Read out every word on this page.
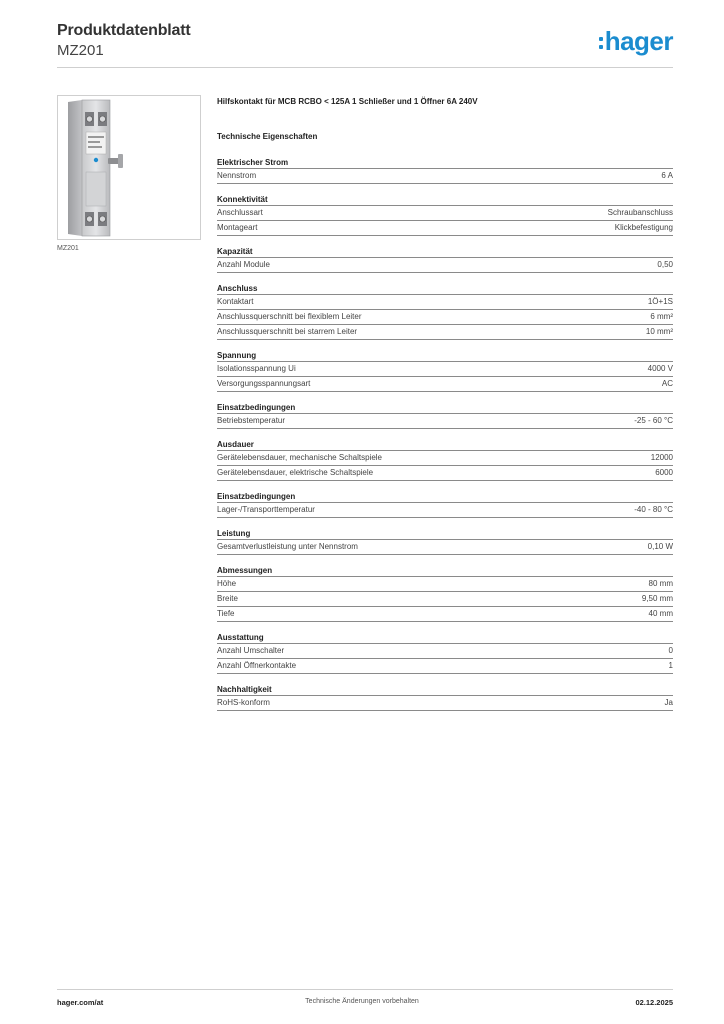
Produktdatenblatt
MZ201	hager
MZ201
Hilfskontakt für MCB RCBO < 125A 1 Schließer und 1 Öffner 6A 240V
Technische Eigenschaften
Elektrischer Strom
Nennstrom	6 A
Konnektivität
Anschlussart	Schraubanschluss
Montageart	Klickbefestigung
Kapazität
Anzahl Module	0,50
Anschluss
Kontaktart	1Ö+1S
Anschlussquerschnitt bei flexiblem Leiter	6 mm²
Anschlussquerschnitt bei starrem Leiter	10 mm²
Spannung
Isolationsspannung Ui	4000 V
Versorgungsspannungsart	AC
Einsatzbedingungen
Betriebstemperatur	-25 - 60 °C
Ausdauer
Gerätelebensdauer, mechanische Schaltspiele	12000
Gerätelebensdauer, elektrische Schaltspiele	6000
Einsatzbedingungen
Lager-/Transporttemperatur	-40 - 80 °C
Leistung
Gesamtverlustleistung unter Nennstrom	0,10 W
Abmessungen
Höhe	80 mm
Breite	9,50 mm
Tiefe	40 mm
Ausstattung
Anzahl Umschalter	0
Anzahl Öffnerkontakte	1
Nachhaltigkeit
RoHS-konform	Ja
hager.com/at	Technische Änderungen vorbehalten	02.12.2025
